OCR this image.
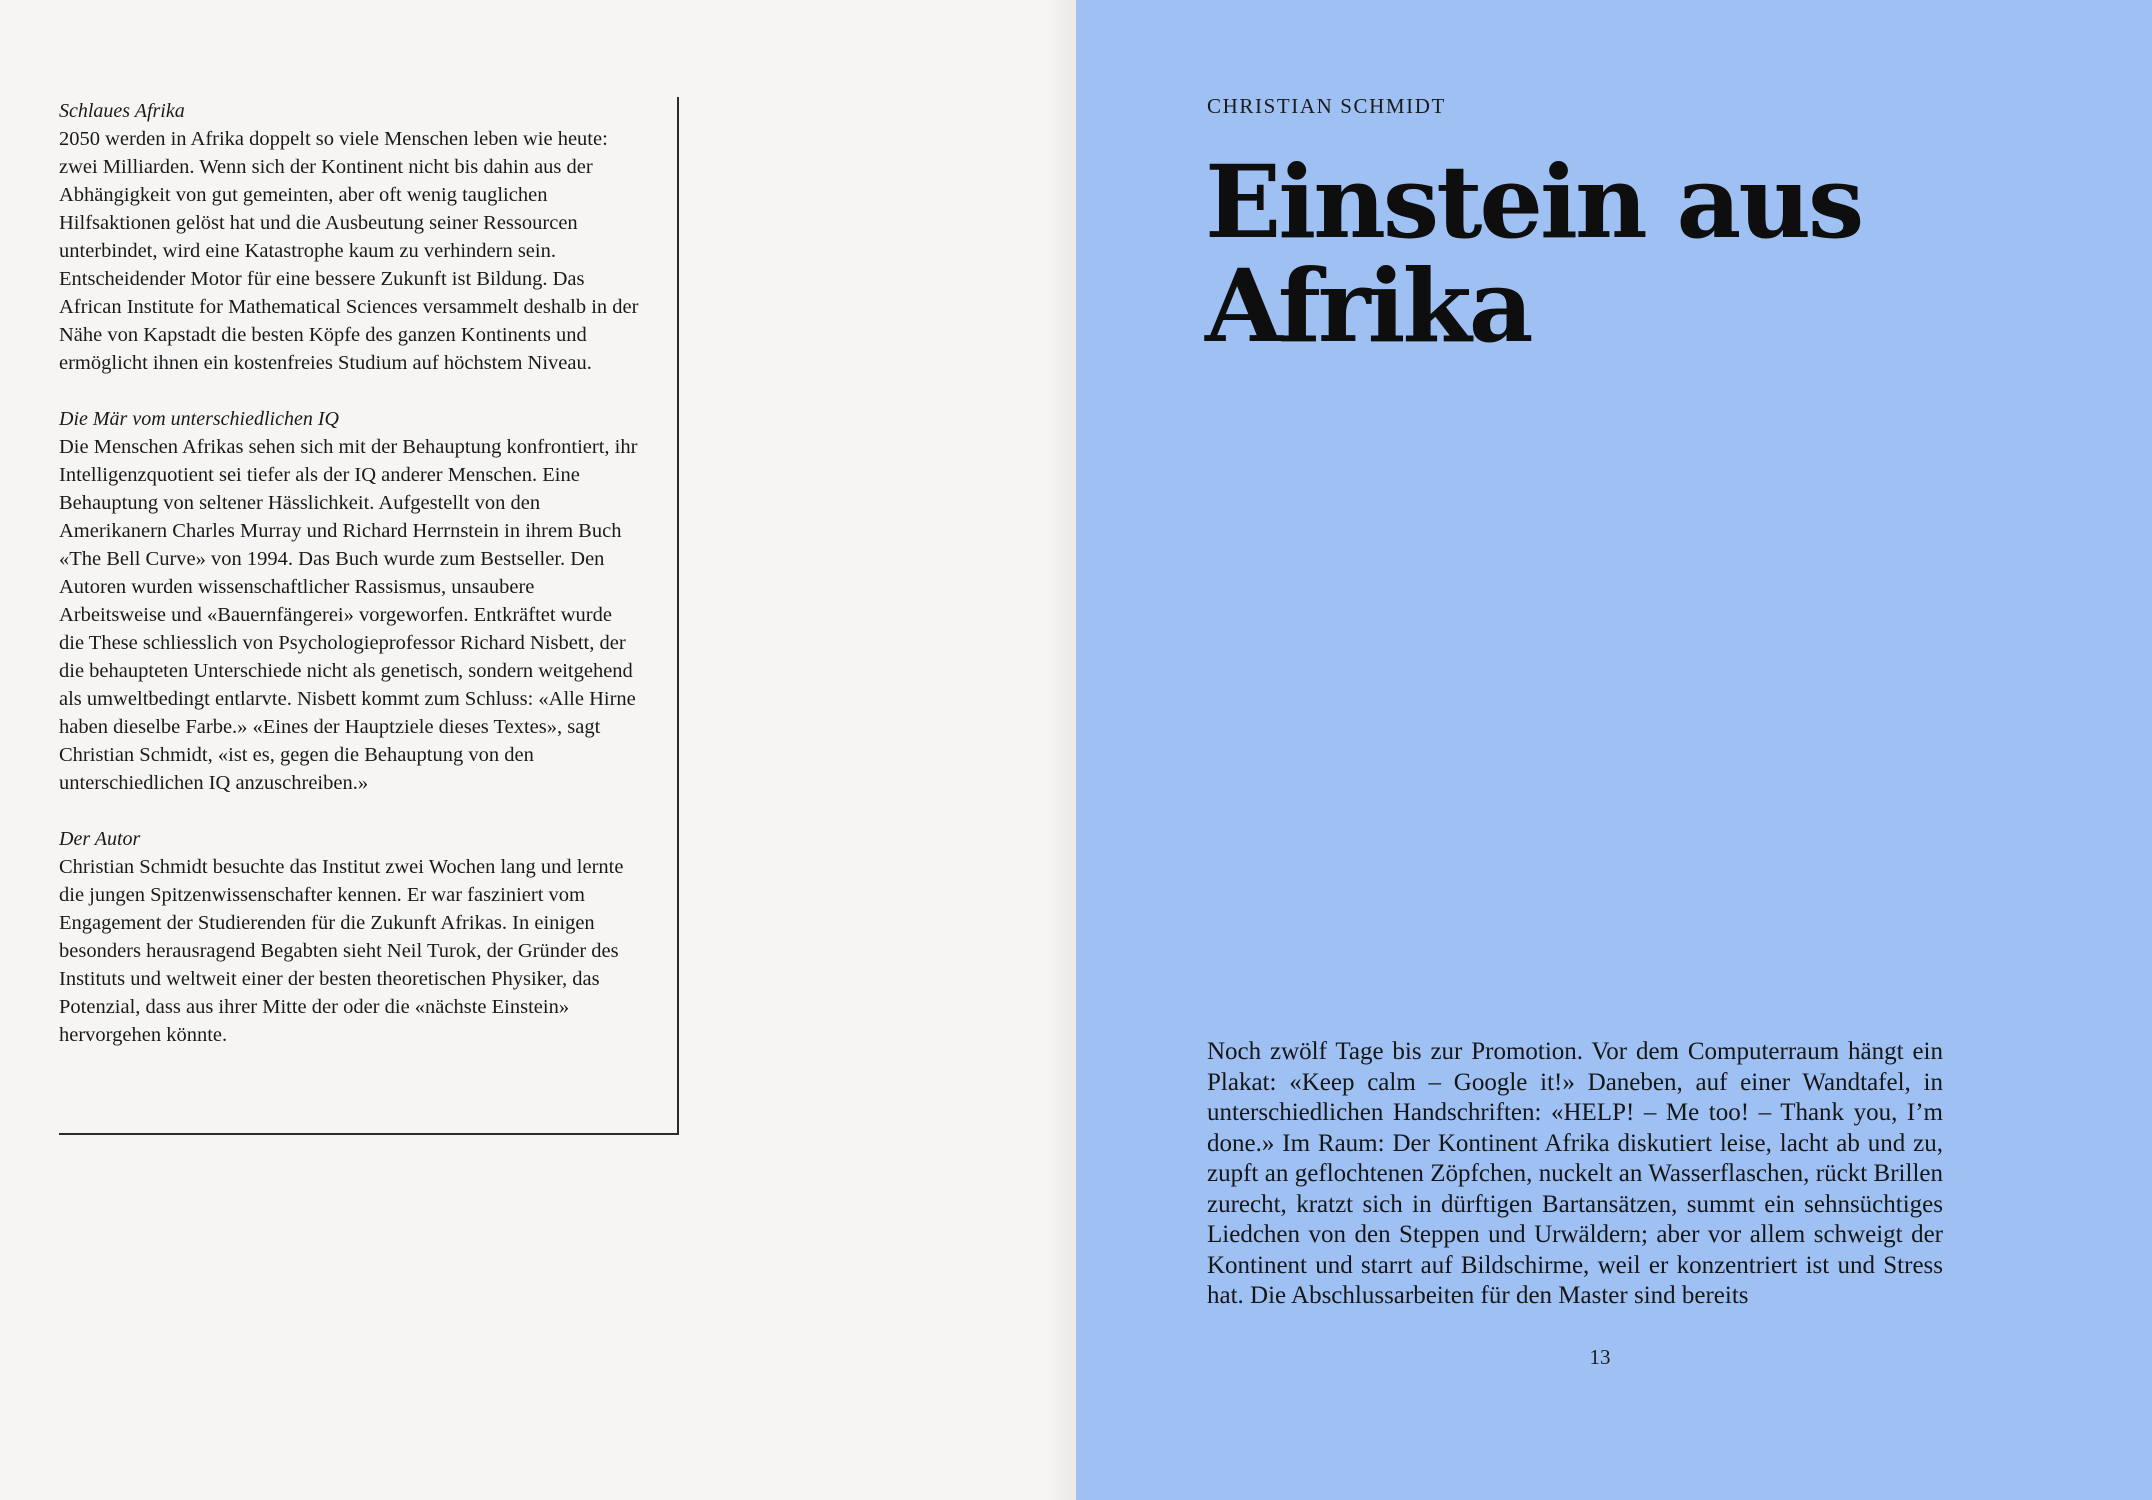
Schlaues Afrika

2050 werden in Afrika doppelt so viele Menschen leben wie heute: zwei Milliarden. Wenn sich der Kontinent nicht bis dahin aus der Abhängigkeit von gut gemeinten, aber oft wenig tauglichen Hilfsaktionen gelöst hat und die Ausbeutung seiner Ressourcen unterbindet, wird eine Katastrophe kaum zu verhindern sein. Entscheidender Motor für eine bessere Zukunft ist Bildung. Das African Institute for Mathematical Sciences versammelt deshalb in der Nähe von Kapstadt die besten Köpfe des ganzen Kontinents und ermöglicht ihnen ein kostenfreies Studium auf höchstem Niveau.

Die Mär vom unterschiedlichen IQ

Die Menschen Afrikas sehen sich mit der Behauptung konfrontiert, ihr Intelligenzquotient sei tiefer als der IQ anderer Menschen. Eine Behauptung von seltener Hässlichkeit. Aufgestellt von den Amerikanern Charles Murray und Richard Herrnstein in ihrem Buch «The Bell Curve» von 1994. Das Buch wurde zum Bestseller. Den Autoren wurden wissenschaftlicher Rassismus, unsaubere Arbeitsweise und «Bauernfängerei» vorgeworfen. Entkräftet wurde die These schliesslich von Psychologieprofessor Richard Nisbett, der die behaupteten Unterschiede nicht als genetisch, sondern weitgehend als umweltbedingt entlarvte. Nisbett kommt zum Schluss: «Alle Hirne haben dieselbe Farbe.» «Eines der Hauptziele dieses Textes», sagt Christian Schmidt, «ist es, gegen die Behauptung von den unterschiedlichen IQ anzuschreiben.»

Der Autor

Christian Schmidt besuchte das Institut zwei Wochen lang und lernte die jungen Spitzenwissenschafter kennen. Er war fasziniert vom Engagement der Studierenden für die Zukunft Afrikas. In einigen besonders herausragend Begabten sieht Neil Turok, der Gründer des Instituts und weltweit einer der besten theoretischen Physiker, das Potenzial, dass aus ihrer Mitte der oder die «nächste Einstein» hervorgehen könnte.

CHRISTIAN SCHMIDT
Einstein aus Afrika

Noch zwölf Tage bis zur Promotion. Vor dem Computerraum hängt ein Plakat: «Keep calm – Google it!» Daneben, auf einer Wandtafel, in unterschiedlichen Handschriften: «HELP! – Me too! – Thank you, I’m done.» Im Raum: Der Kontinent Afrika diskutiert leise, lacht ab und zu, zupft an geflochtenen Zöpfchen, nuckelt an Wasserflaschen, rückt Brillen zurecht, kratzt sich in dürftigen Bartansätzen, summt ein sehnsüchtiges Liedchen von den Steppen und Urwäldern; aber vor allem schweigt der Kontinent und starrt auf Bildschirme, weil er konzentriert ist und Stress hat. Die Abschlussarbeiten für den Master sind bereits

13
